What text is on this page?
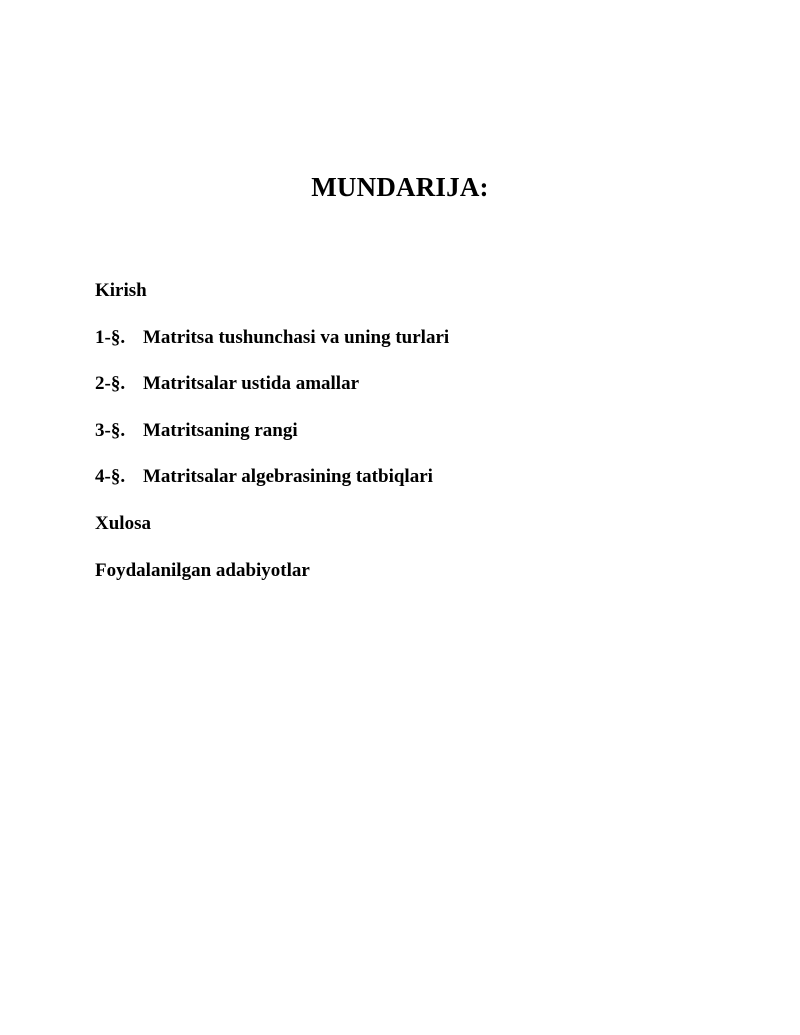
MUNDARIJA:
Kirish
1-§. Matritsa tushunchasi va uning turlari
2-§. Matritsalar ustida amallar
3-§. Matritsaning rangi
4-§. Matritsalar algebrasining tatbiqlari
Xulosa
Foydalanilgan adabiyotlar
